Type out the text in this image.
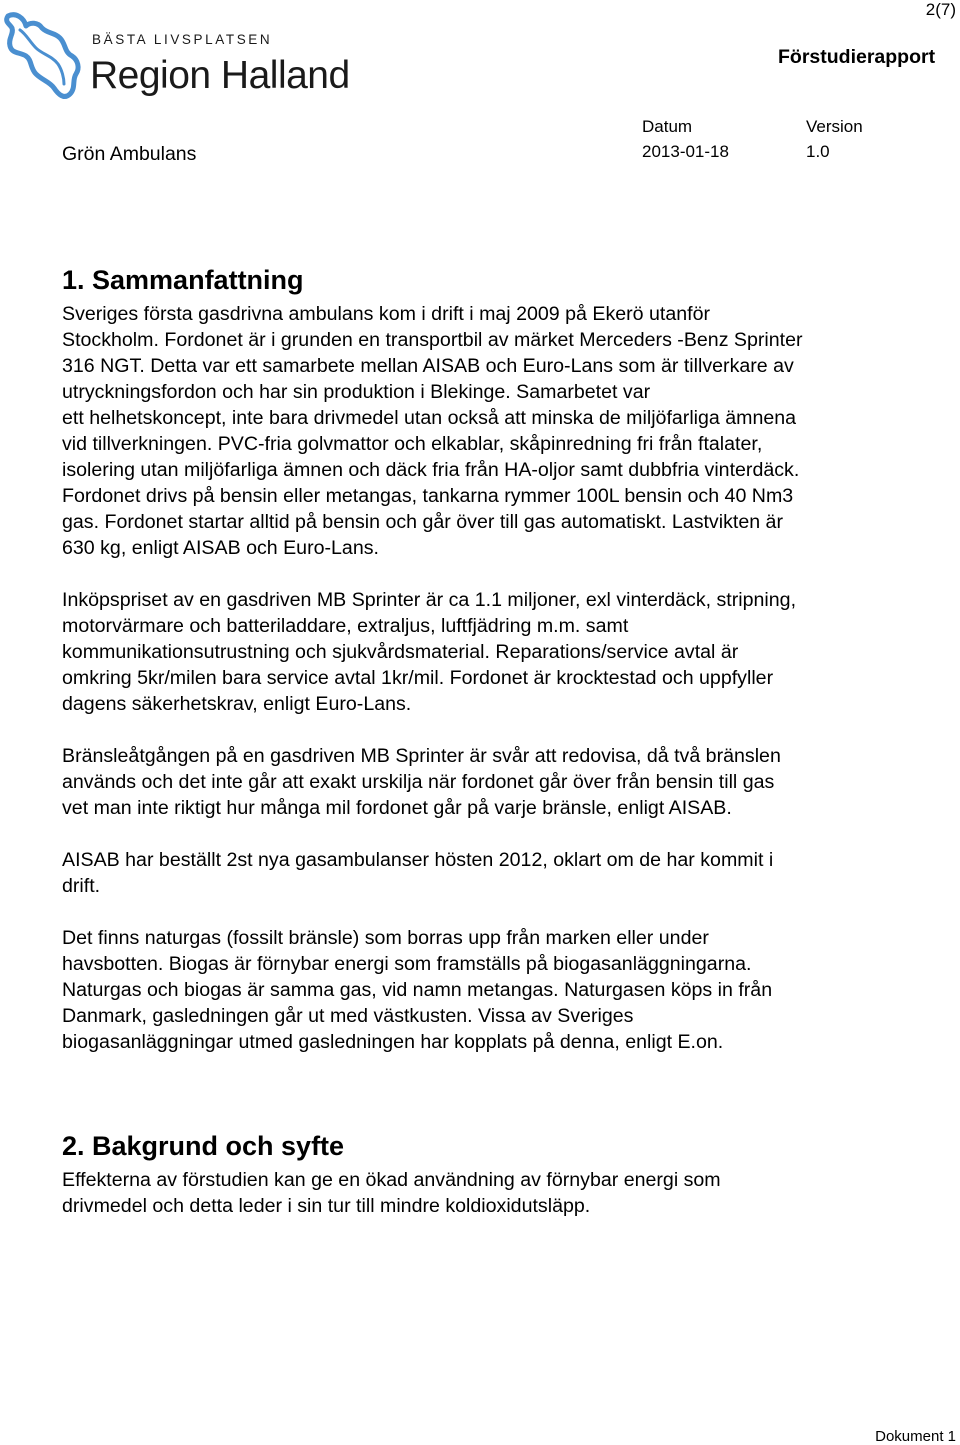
BÄSTA LIVSPLATSEN
Region Halland
2(7)
Förstudierapport
Grön Ambulans
Datum
2013-01-18
Version
1.0
1. Sammanfattning

Sveriges första gasdrivna ambulans kom i drift i maj 2009 på Ekerö utanför
Stockholm. Fordonet är i grunden en transportbil av märket Merceders -Benz Sprinter
316 NGT. Detta var ett samarbete mellan AISAB och Euro-Lans som är tillverkare av
utryckningsfordon och har sin produktion i Blekinge. Samarbetet var
ett helhetskoncept, inte bara drivmedel utan också att minska de miljöfarliga ämnena
vid tillverkningen. PVC-fria golvmattor och elkablar, skåpinredning fri från ftalater,
isolering utan miljöfarliga ämnen och däck fria från HA-oljor samt dubbfria vinterdäck.
Fordonet drivs på bensin eller metangas, tankarna rymmer 100L bensin och 40 Nm3
gas. Fordonet startar alltid på bensin och går över till gas automatiskt. Lastvikten är
630 kg, enligt AISAB och Euro-Lans.

Inköpspriset av en gasdriven MB Sprinter är ca 1.1 miljoner, exl vinterdäck, stripning,
motorvärmare och batteriladdare, extraljus, luftfjädring m.m. samt
kommunikationsutrustning och sjukvårdsmaterial. Reparations/service avtal är
omkring 5kr/milen bara service avtal 1kr/mil. Fordonet är krocktestad och uppfyller
dagens säkerhetskrav, enligt Euro-Lans.

Bränsleåtgången på en gasdriven MB Sprinter är svår att redovisa, då två bränslen
används och det inte går att exakt urskilja när fordonet går över från bensin till gas
vet man inte riktigt hur många mil fordonet går på varje bränsle, enligt AISAB.

AISAB har beställt 2st nya gasambulanser hösten 2012, oklart om de har kommit i
drift.

Det finns naturgas (fossilt bränsle) som borras upp från marken eller under
havsbotten. Biogas är förnybar energi som framställs på biogasanläggningarna.
Naturgas och biogas är samma gas, vid namn metangas. Naturgasen köps in från
Danmark, gasledningen går ut med västkusten. Vissa av Sveriges
biogasanläggningar utmed gasledningen har kopplats på denna, enligt E.on.

2. Bakgrund och syfte

Effekterna av förstudien kan ge en ökad användning av förnybar energi som
drivmedel och detta leder i sin tur till mindre koldioxidutsläpp.

Dokument 1
